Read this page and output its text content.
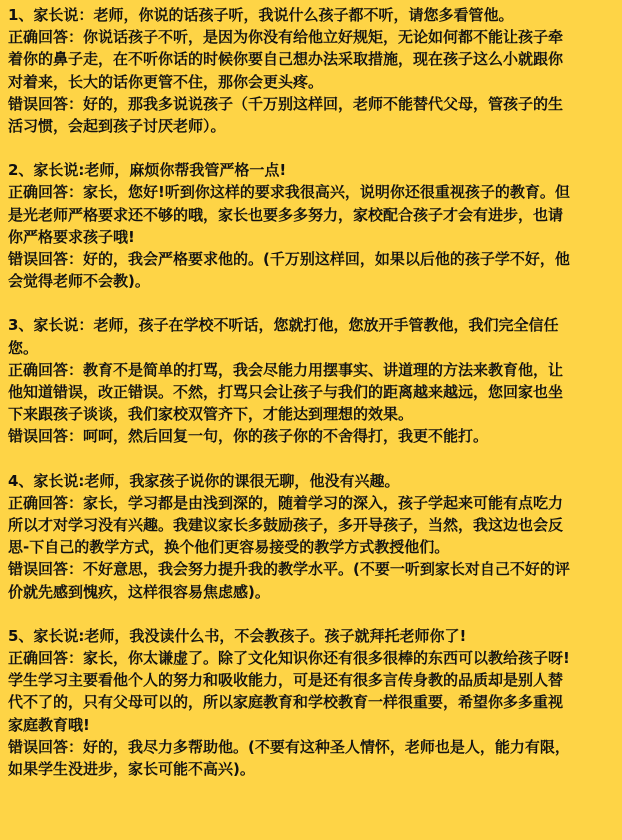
1、家长说：老师，你说的话孩子听，我说什么孩子都不听，请您多看管他。

正确回答：你说话孩子不听，是因为你没有给他立好规矩，无论如何都不能让孩子牵

着你的鼻子走，在不听你话的时候你要自己想办法采取措施，现在孩子这么小就跟你

对着来，长大的话你更管不住，那你会更头疼。

错误回答：好的，那我多说说孩子（千万别这样回，老师不能替代父母，管孩子的生

活习惯，会起到孩子讨厌老师）。

2、家长说:老师，麻烦你帮我管严格一点!

正确回答：家长，您好!听到你这样的要求我很高兴，说明你还很重视孩子的教育。但

是光老师严格要求还不够的哦，家长也要多多努力，家校配合孩子才会有进步，也请

你严格要求孩子哦!

错误回答：好的，我会严格要求他的。(千万别这样回，如果以后他的孩子学不好，他

会觉得老师不会教)。

3、家长说：老师，孩子在学校不听话，您就打他，您放开手管教他，我们完全信任

您。

正确回答：教育不是简单的打骂，我会尽能力用摆事实、讲道理的方法来教育他，让

他知道错误，改正错误。不然，打骂只会让孩子与我们的距离越来越远，您回家也坐

下来跟孩子谈谈，我们家校双管齐下，才能达到理想的效果。

错误回答：呵呵，然后回复一句，你的孩子你的不舍得打，我更不能打。

4、家长说:老师，我家孩子说你的课很无聊，他没有兴趣。

正确回答：家长，学习都是由浅到深的，随着学习的深入，孩子学起来可能有点吃力

所以才对学习没有兴趣。我建议家长多鼓励孩子，多开导孩子，当然，我这边也会反

思-下自己的教学方式，换个他们更容易接受的教学方式教授他们。

错误回答：不好意思，我会努力提升我的教学水平。(不要一听到家长对自己不好的评

价就先感到愧疚，这样很容易焦虑感)。

5、家长说:老师，我没读什么书，不会教孩子。孩子就拜托老师你了!

正确回答：家长，你太谦虚了。除了文化知识你还有很多很棒的东西可以教给孩子呀!

学生学习主要看他个人的努力和吸收能力，可是还有很多言传身教的品质却是别人替

代不了的，只有父母可以的，所以家庭教育和学校教育一样很重要，希望你多多重视

家庭教育哦!

错误回答：好的，我尽力多帮助他。(不要有这种圣人情怀，老师也是人，能力有限，

如果学生没进步，家长可能不高兴)。
